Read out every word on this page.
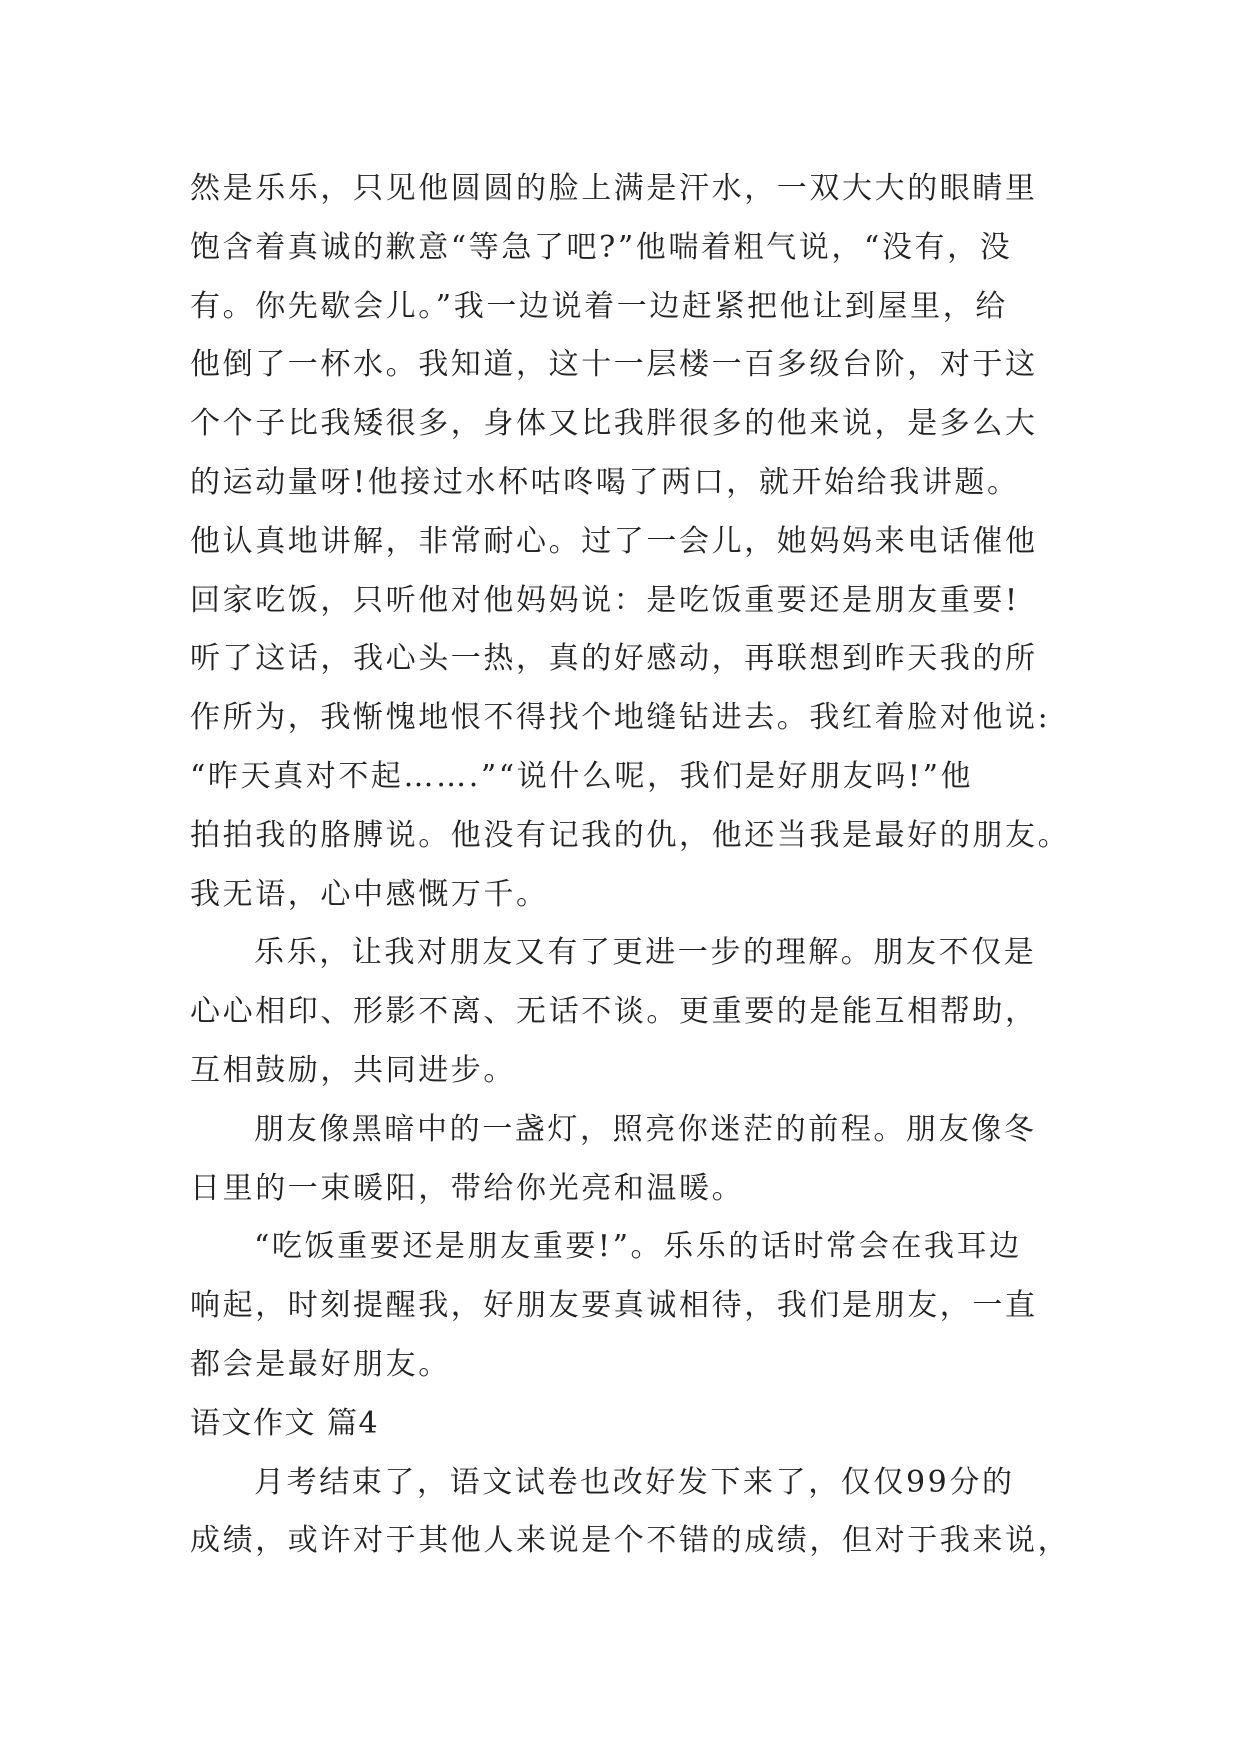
然是乐乐，只见他圆圆的脸上满是汗水，一双大大的眼睛里
饱含着真诚的歉意“等急了吧?”他喘着粗气说，“没有，没
有。你先歇会儿。”我一边说着一边赶紧把他让到屋里，给
他倒了一杯水。我知道，这十一层楼一百多级台阶，对于这
个个子比我矮很多，身体又比我胖很多的他来说，是多么大
的运动量呀!他接过水杯咕咚喝了两口，就开始给我讲题。
他认真地讲解，非常耐心。过了一会儿，她妈妈来电话催他
回家吃饭，只听他对他妈妈说：是吃饭重要还是朋友重要!
听了这话，我心头一热，真的好感动，再联想到昨天我的所
作所为，我惭愧地恨不得找个地缝钻进去。我红着脸对他说:
“昨天真对不起…….”“说什么呢，我们是好朋友吗!”他
拍拍我的胳膊说。他没有记我的仇，他还当我是最好的朋友。
我无语，心中感慨万千。
乐乐，让我对朋友又有了更进一步的理解。朋友不仅是
心心相印、形影不离、无话不谈。更重要的是能互相帮助，
互相鼓励，共同进步。
朋友像黑暗中的一盏灯，照亮你迷茫的前程。朋友像冬
日里的一束暖阳，带给你光亮和温暖。
“吃饭重要还是朋友重要!”。乐乐的话时常会在我耳边
响起，时刻提醒我，好朋友要真诚相待，我们是朋友，一直
都会是最好朋友。
语文作文 篇4
月考结束了，语文试卷也改好发下来了，仅仅99分的
成绩，或许对于其他人来说是个不错的成绩，但对于我来说，
